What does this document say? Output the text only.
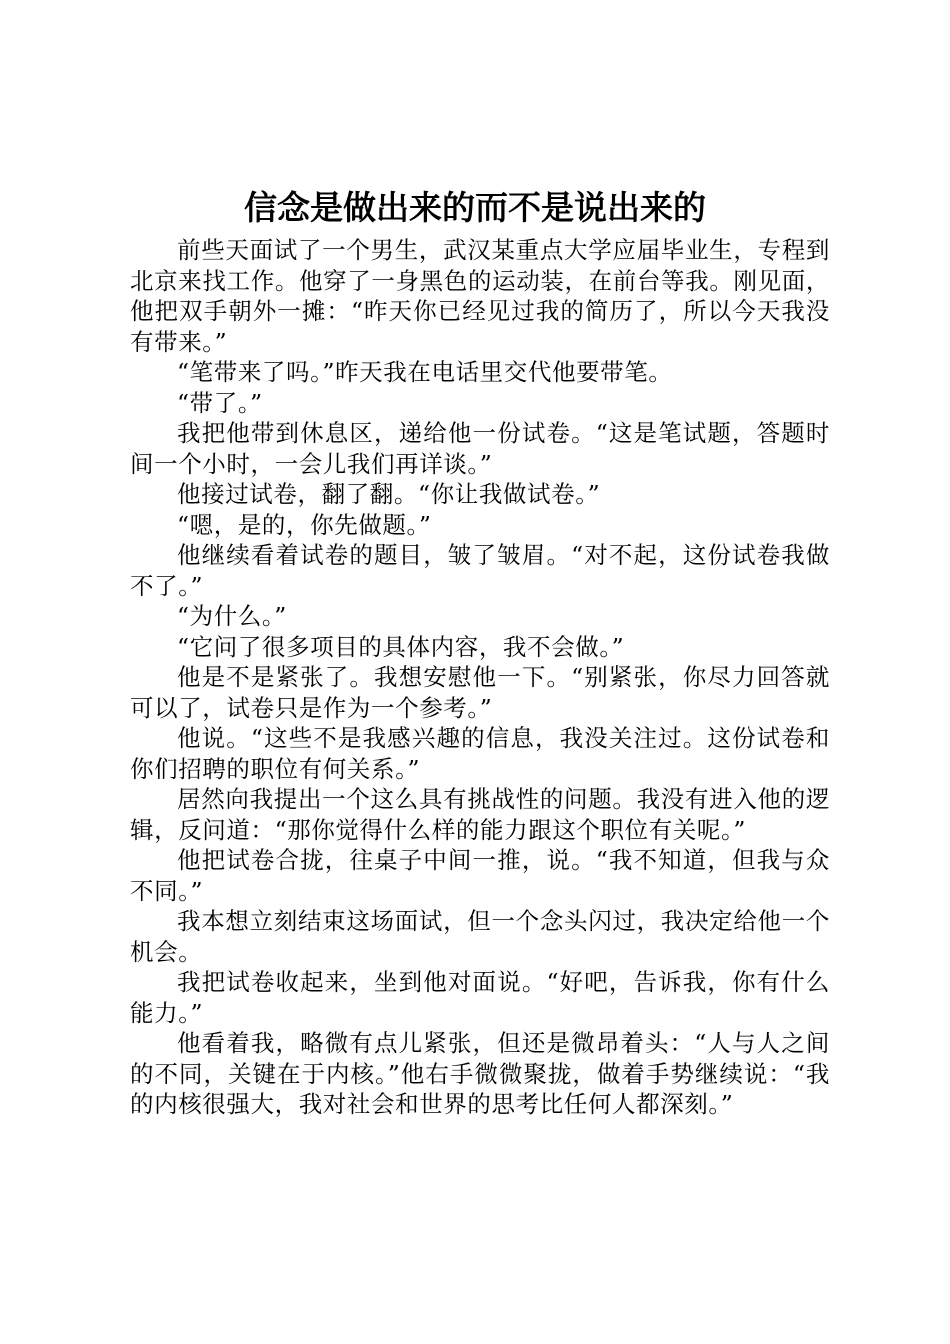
信念是做出来的而不是说出来的

前些天面试了一个男生，武汉某重点大学应届毕业生，专程到北京来找工作。他穿了一身黑色的运动装，在前台等我。刚见面，他把双手朝外一摊：“昨天你已经见过我的简历了，所以今天我没有带来。”

“笔带来了吗。”昨天我在电话里交代他要带笔。

“带了。”

我把他带到休息区，递给他一份试卷。“这是笔试题，答题时间一个小时，一会儿我们再详谈。”

他接过试卷，翻了翻。“你让我做试卷。”

“嗯，是的，你先做题。”

他继续看着试卷的题目，皱了皱眉。“对不起，这份试卷我做不了。”

“为什么。”

“它问了很多项目的具体内容，我不会做。”

他是不是紧张了。我想安慰他一下。“别紧张，你尽力回答就可以了，试卷只是作为一个参考。”

他说。“这些不是我感兴趣的信息，我没关注过。这份试卷和你们招聘的职位有何关系。”

居然向我提出一个这么具有挑战性的问题。我没有进入他的逻辑，反问道：“那你觉得什么样的能力跟这个职位有关呢。”

他把试卷合拢，往桌子中间一推，说。“我不知道，但我与众不同。”

我本想立刻结束这场面试，但一个念头闪过，我决定给他一个机会。

我把试卷收起来，坐到他对面说。“好吧，告诉我，你有什么能力。”

他看着我，略微有点儿紧张，但还是微昂着头：“人与人之间的不同，关键在于内核。”他右手微微聚拢，做着手势继续说：“我的内核很强大，我对社会和世界的思考比任何人都深刻。”
